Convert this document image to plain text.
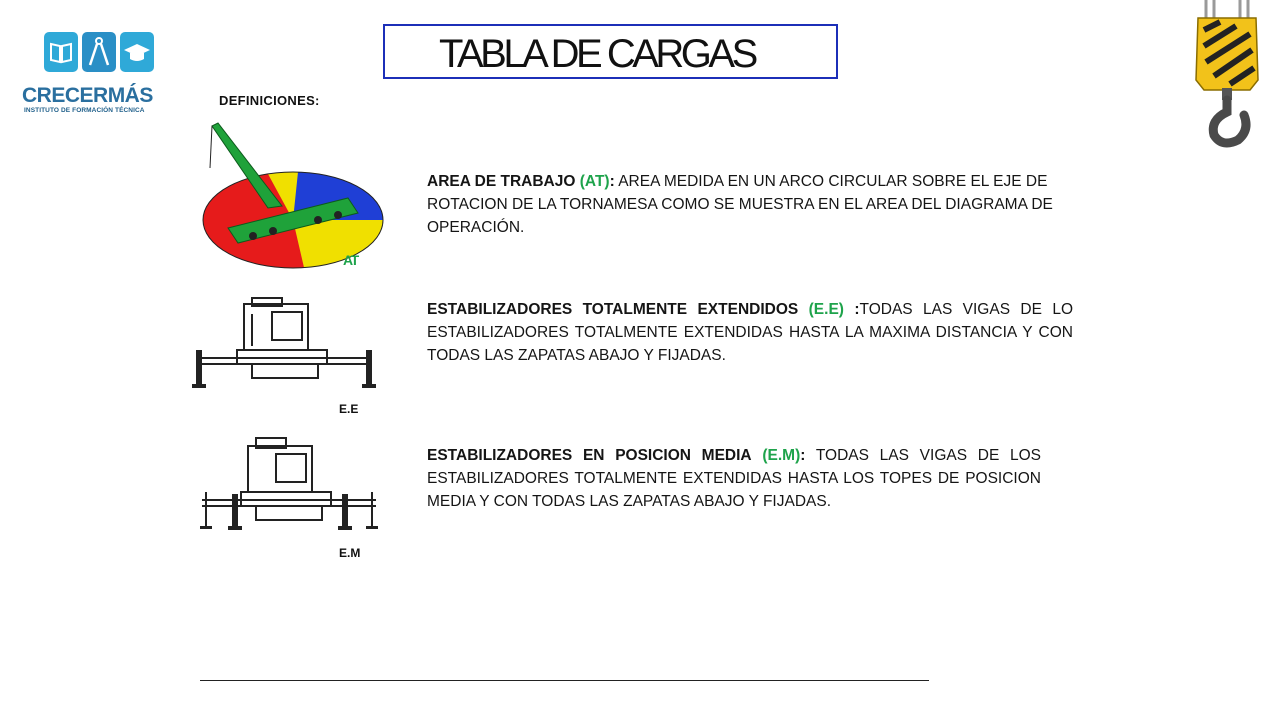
CRECERMÁS
INSTITUTO DE FORMACIÓN TÉCNICA
TABLA DE CARGAS
DEFINICIONES:
AT
AREA DE TRABAJO (AT): AREA MEDIDA EN UN ARCO CIRCULAR SOBRE EL EJE DE ROTACION DE LA TORNAMESA COMO SE MUESTRA EN EL AREA DEL DIAGRAMA DE OPERACIÓN.
E.E
ESTABILIZADORES TOTALMENTE EXTENDIDOS (E.E) :TODAS LAS VIGAS DE LO ESTABILIZADORES TOTALMENTE EXTENDIDAS HASTA LA MAXIMA DISTANCIA Y CON TODAS LAS ZAPATAS ABAJO Y FIJADAS.
E.M
ESTABILIZADORES EN POSICION MEDIA (E.M): TODAS LAS VIGAS DE LOS ESTABILIZADORES TOTALMENTE EXTENDIDAS HASTA LOS TOPES DE POSICION MEDIA Y CON TODAS LAS ZAPATAS ABAJO Y FIJADAS.
